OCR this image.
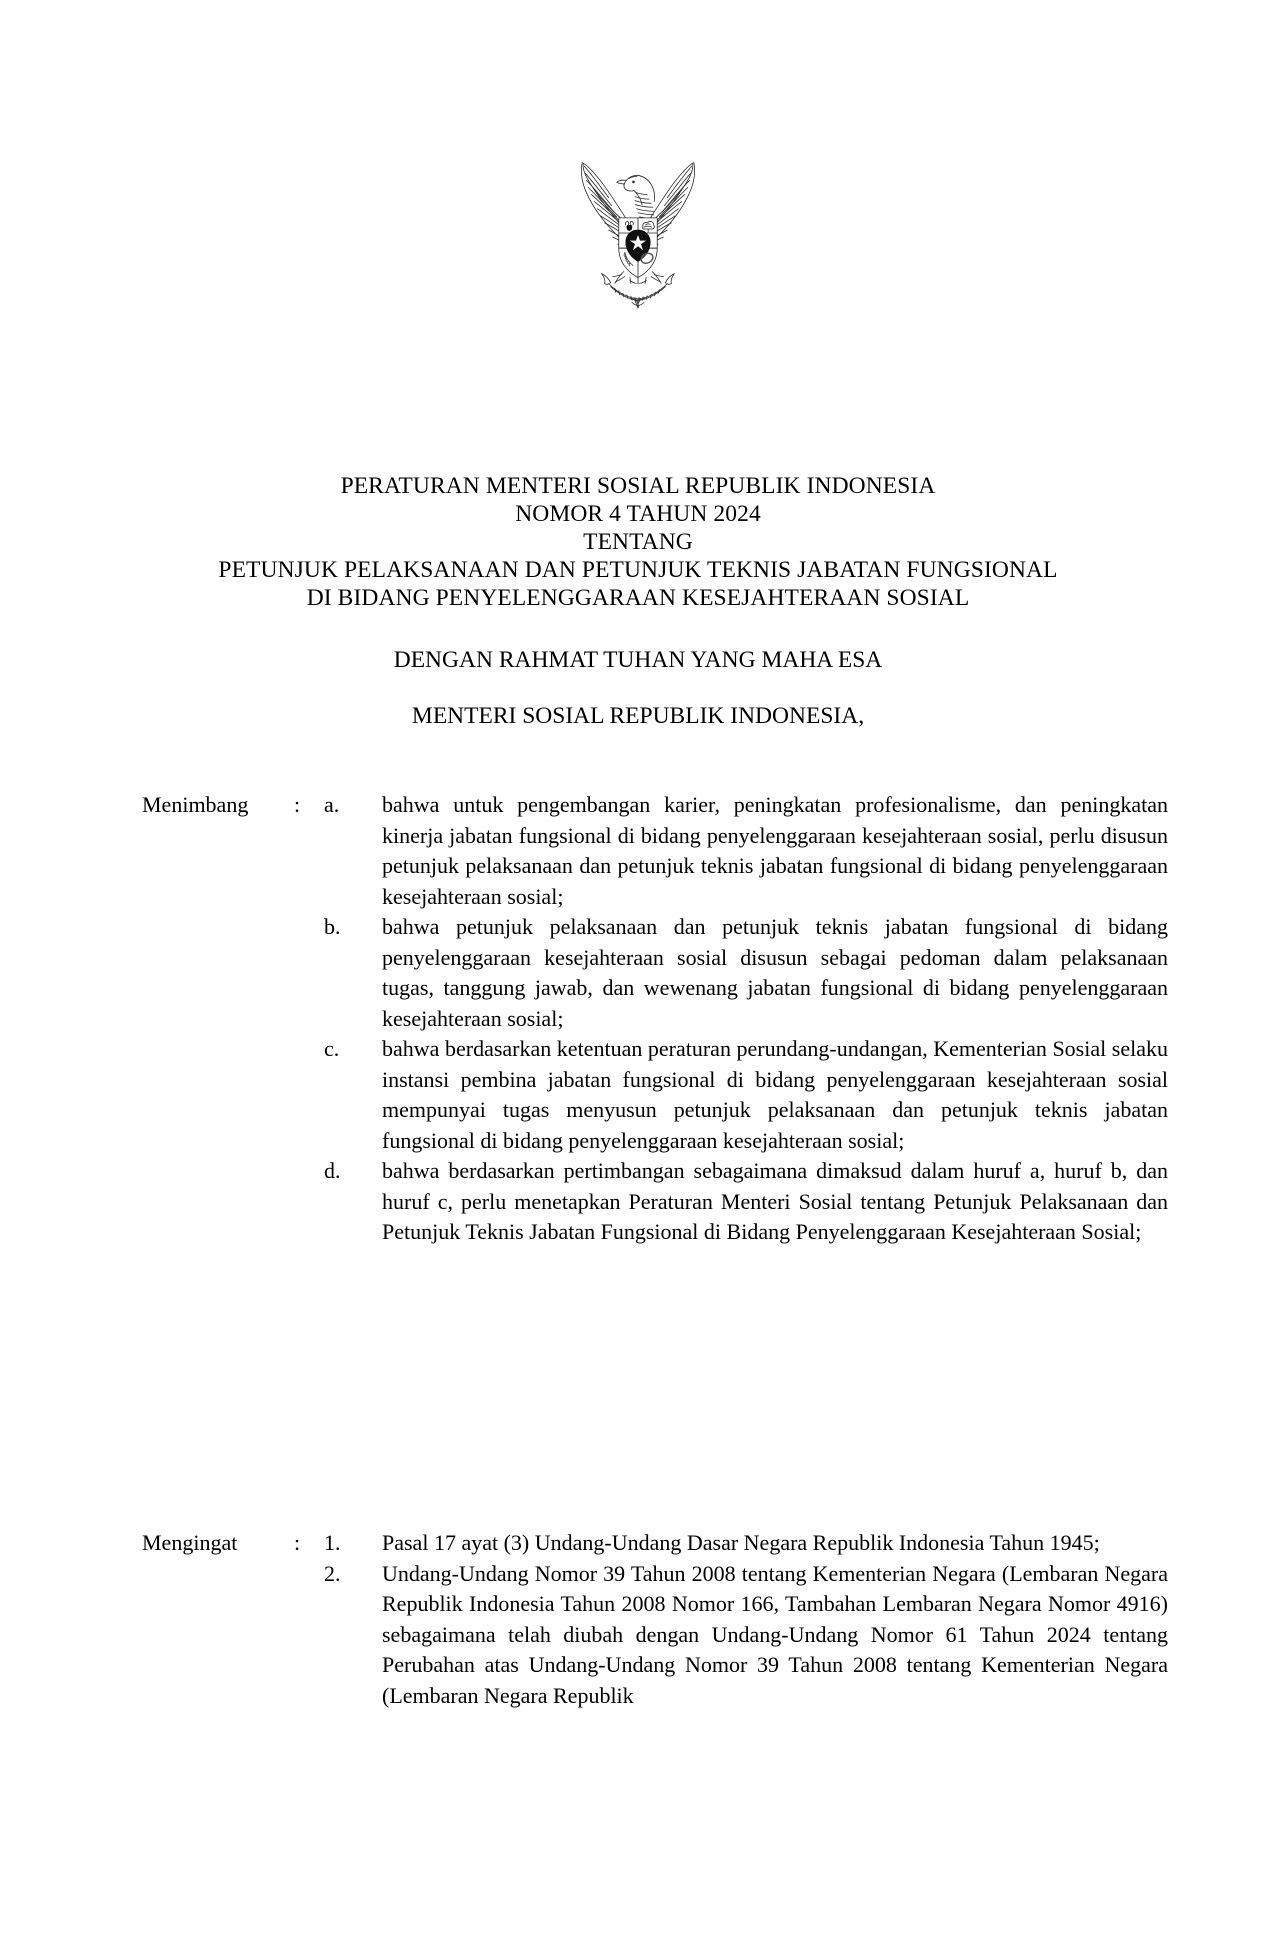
PERATURAN MENTERI SOSIAL REPUBLIK INDONESIA
NOMOR 4 TAHUN 2024
TENTANG
PETUNJUK PELAKSANAAN DAN PETUNJUK TEKNIS JABATAN FUNGSIONAL
DI BIDANG PENYELENGGARAAN KESEJAHTERAAN SOSIAL
DENGAN RAHMAT TUHAN YANG MAHA ESA
MENTERI SOSIAL REPUBLIK INDONESIA,
Menimbang	:	a.	bahwa untuk pengembangan karier, peningkatan profesionalisme, dan peningkatan kinerja jabatan fungsional di bidang penyelenggaraan kesejahteraan sosial, perlu disusun petunjuk pelaksanaan dan petunjuk teknis jabatan fungsional di bidang penyelenggaraan kesejahteraan sosial;
b.	bahwa petunjuk pelaksanaan dan petunjuk teknis jabatan fungsional di bidang penyelenggaraan kesejahteraan sosial disusun sebagai pedoman dalam pelaksanaan tugas, tanggung jawab, dan wewenang jabatan fungsional di bidang penyelenggaraan kesejahteraan sosial;
c.	bahwa berdasarkan ketentuan peraturan perundang-undangan, Kementerian Sosial selaku instansi pembina jabatan fungsional di bidang penyelenggaraan kesejahteraan sosial mempunyai tugas menyusun petunjuk pelaksanaan dan petunjuk teknis jabatan fungsional di bidang penyelenggaraan kesejahteraan sosial;
d.	bahwa berdasarkan pertimbangan sebagaimana dimaksud dalam huruf a, huruf b, dan huruf c, perlu menetapkan Peraturan Menteri Sosial tentang Petunjuk Pelaksanaan dan Petunjuk Teknis Jabatan Fungsional di Bidang Penyelenggaraan Kesejahteraan Sosial;
Mengingat	:	1.	Pasal 17 ayat (3) Undang-Undang Dasar Negara Republik Indonesia Tahun 1945;
2.	Undang-Undang Nomor 39 Tahun 2008 tentang Kementerian Negara (Lembaran Negara Republik Indonesia Tahun 2008 Nomor 166, Tambahan Lembaran Negara Nomor 4916) sebagaimana telah diubah dengan Undang-Undang Nomor 61 Tahun 2024 tentang Perubahan atas Undang-Undang Nomor 39 Tahun 2008 tentang Kementerian Negara (Lembaran Negara Republik
